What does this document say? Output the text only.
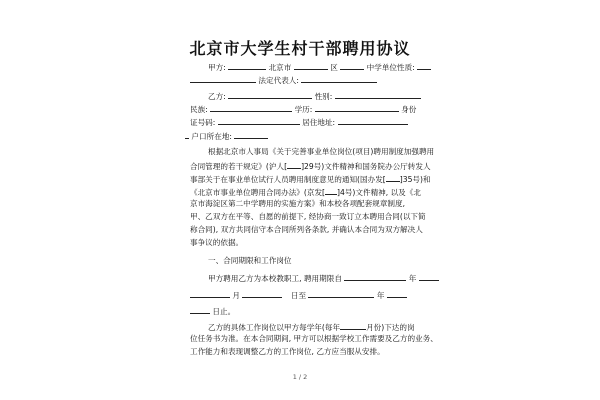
北京市大学生村干部聘用协议
甲方:	北京市	区	中学单位性质:
法定代表人:
乙方:	性别:
民族:	学历:	身份
证号码:	居住地址:
户口所在地:
根据北京市人事局《关于完善事业单位岗位(项目)聘用制度加强聘用
合同管理的若干规定》(沪人[ ]29号)文件精神和国务院办公厅转发人
事部关于在事业单位试行人员聘用制度意见的通知(国办发[ ]35号)和
《北京市事业单位聘用合同办法》(京发[ ]4号)文件精神, 以及《北
京市海淀区第二中学聘用的实施方案》和本校各项配套规章制度,
甲、乙双方在平等、自愿的前提下, 经协商一致订立本聘用合同(以下简
称合同), 双方共同信守本合同所列各条款, 并确认本合同为双方解决人
事争议的依据。
一、合同期限和工作岗位
甲方聘用乙方为本校教职工, 聘用期限自	年
月	日至	年
日止。
乙方的具体工作岗位以甲方每学年(每年	月份)下达的岗
位任务书为准。在本合同期间, 甲方可以根据学校工作需要及乙方的业务、
工作能力和表现调整乙方的工作岗位, 乙方应当服从安排。
1 / 2
